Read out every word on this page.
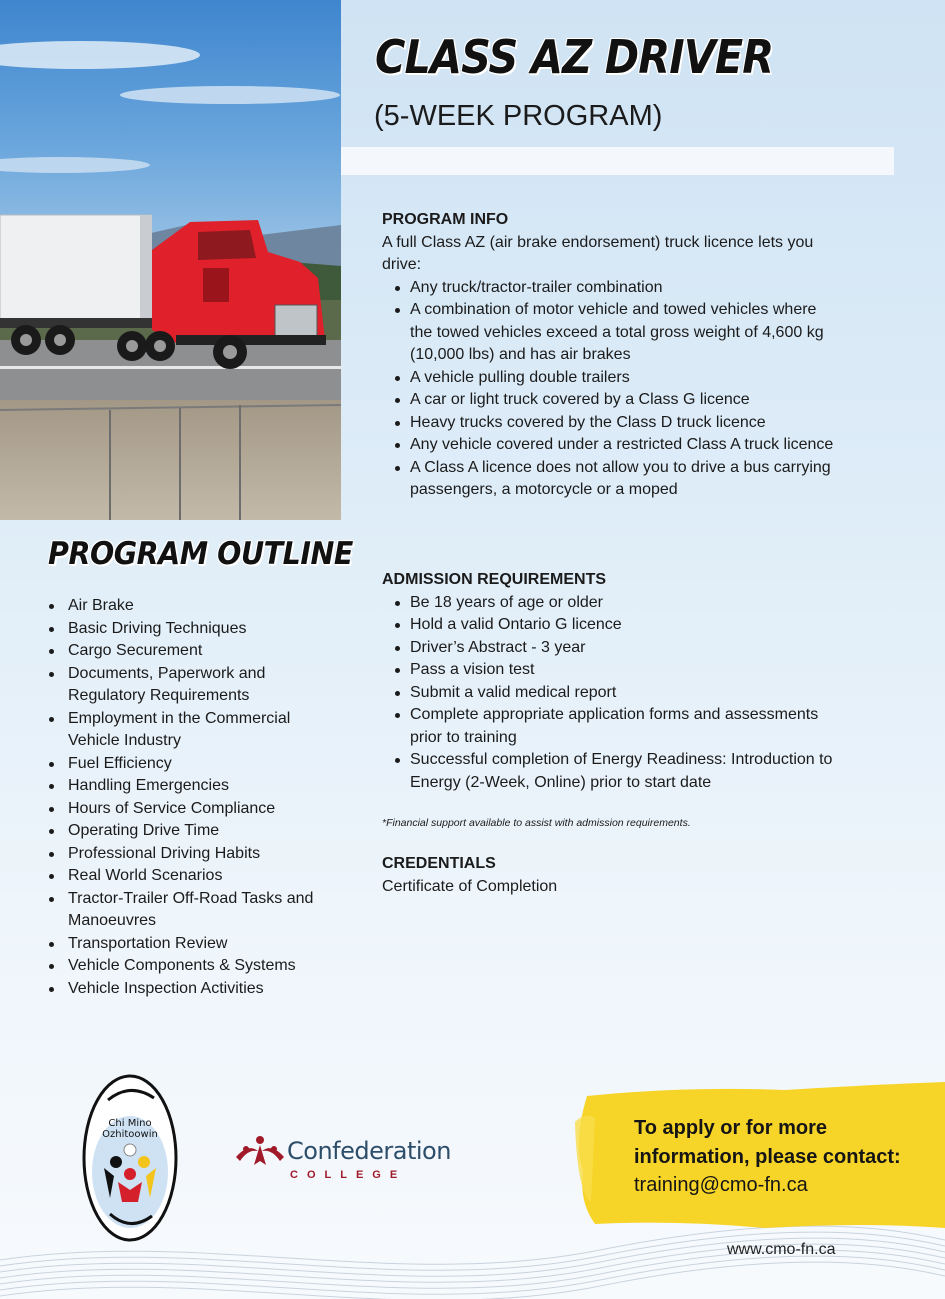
CLASS AZ DRIVER
(5-WEEK PROGRAM)
PROGRAM INFO
A full Class AZ (air brake endorsement) truck licence lets you drive:
Any truck/tractor-trailer combination
A combination of motor vehicle and towed vehicles where the towed vehicles exceed a total gross weight of 4,600 kg (10,000 lbs) and has air brakes
A vehicle pulling double trailers
A car or light truck covered by a Class G licence
Heavy trucks covered by the Class D truck licence
Any vehicle covered under a restricted Class A truck licence
A Class A licence does not allow you to drive a bus carrying passengers, a motorcycle or a moped
ADMISSION REQUIREMENTS
Be 18 years of age or older
Hold a valid Ontario G licence
Driver’s Abstract - 3 year
Pass a vision test
Submit a valid medical report
Complete appropriate application forms and assessments prior to training
Successful completion of Energy Readiness: Introduction to Energy (2-Week, Online) prior to start date
*Financial support available to assist with admission requirements.
CREDENTIALS
Certificate of Completion
PROGRAM OUTLINE
Air Brake
Basic Driving Techniques
Cargo Securement
Documents, Paperwork and Regulatory Requirements
Employment in the Commercial Vehicle Industry
Fuel Efficiency
Handling Emergencies
Hours of Service Compliance
Operating Drive Time
Professional Driving Habits
Real World Scenarios
Tractor-Trailer Off-Road Tasks and Manoeuvres
Transportation Review
Vehicle Components & Systems
Vehicle Inspection Activities
Chi Mino
Ozhitoowin
Confederation
COLLEGE
To apply or for more information, please contact:
training@cmo-fn.ca
www.cmo-fn.ca
